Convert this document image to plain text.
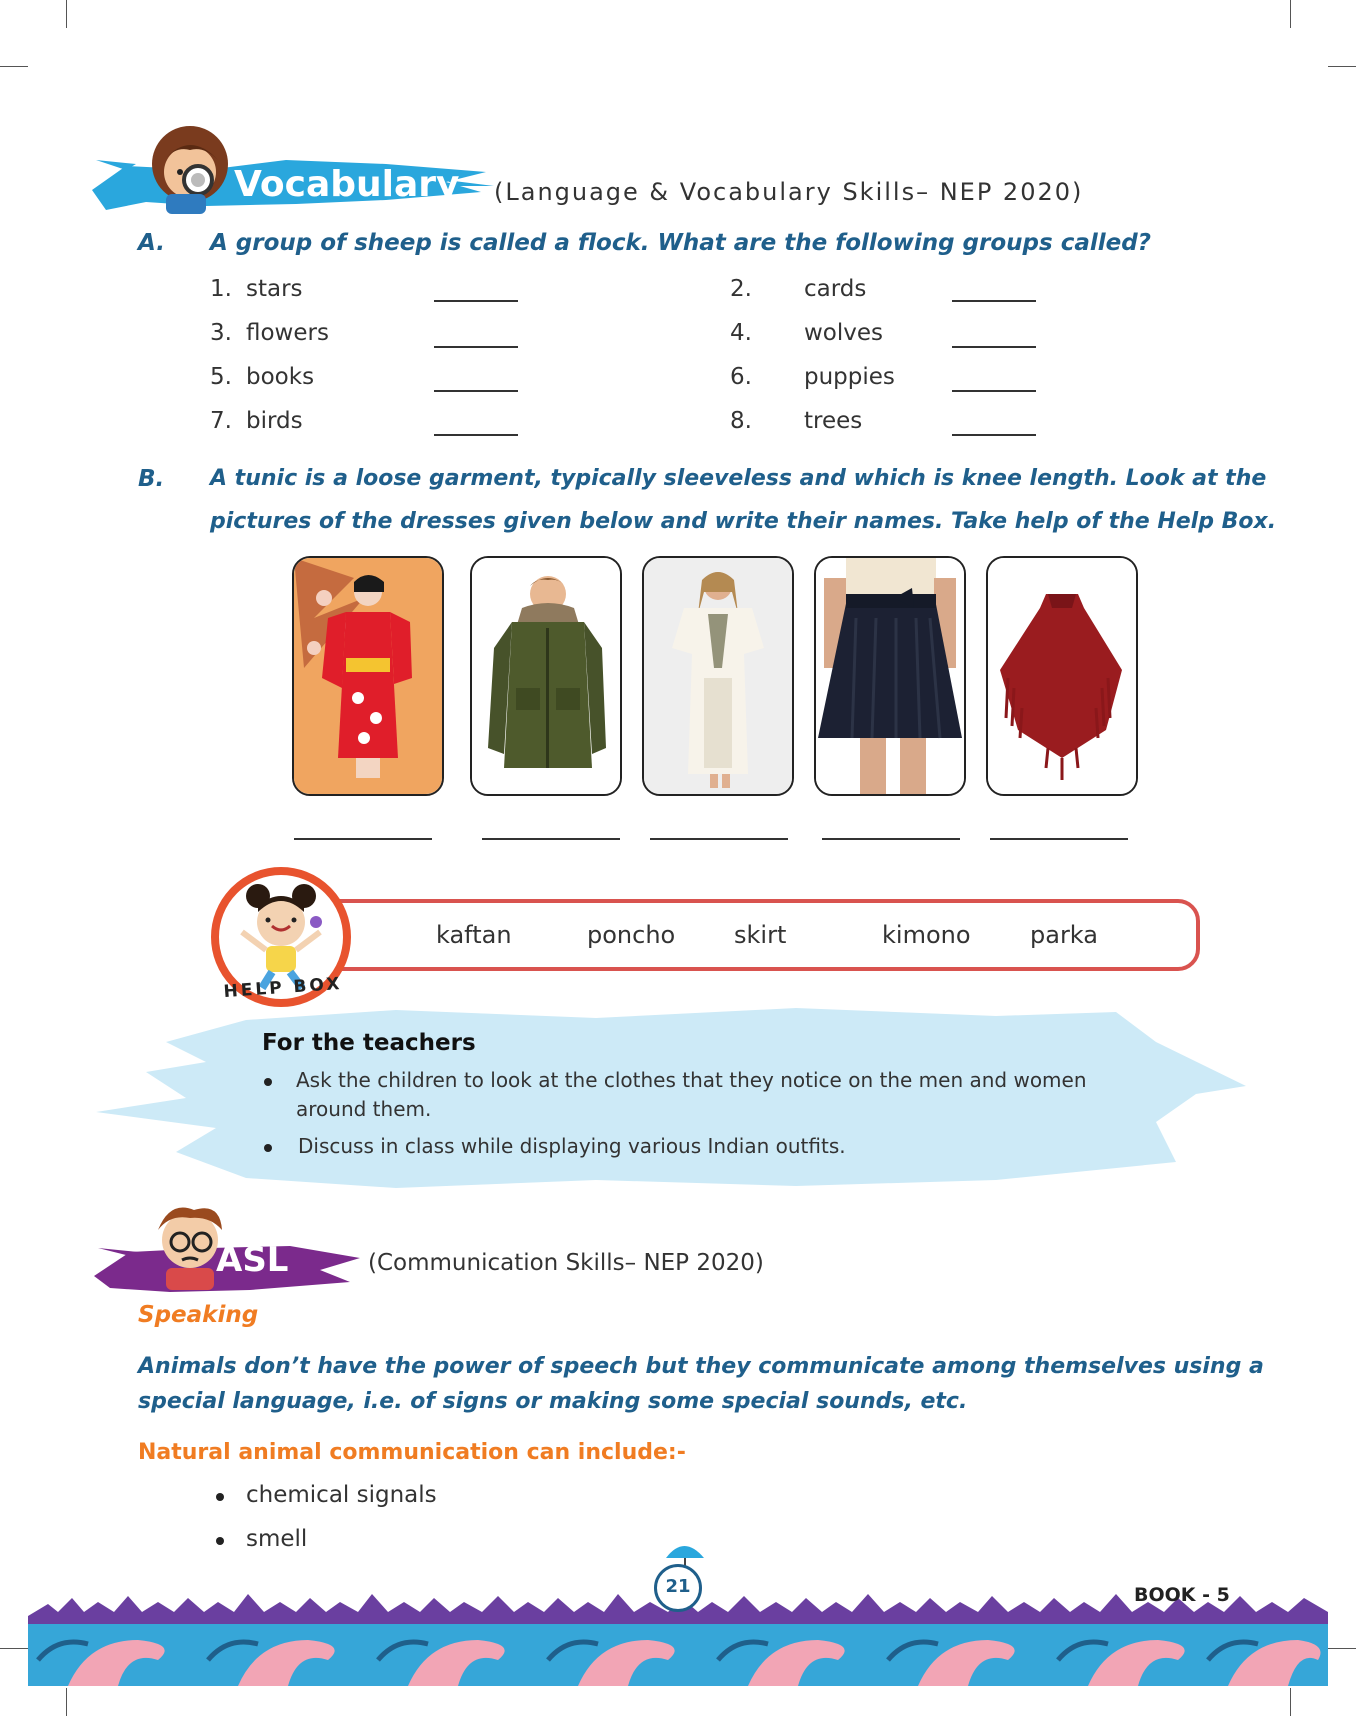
Vocabulary (Language & Vocabulary Skills– NEP 2020)
A. A group of sheep is called a flock. What are the following groups called?
1. stars
3. flowers
5. books
7. birds
2. cards
4. wolves
6. puppies
8. trees
B. A tunic is a loose garment, typically sleeveless and which is knee length. Look at the
pictures of the dresses given below and write their names. Take help of the Help Box.
HELP BOX
kaftan	poncho skirt	kimono parka
For the teachers
Ask the children to look at the clothes that they notice on the men and women
around them.
Discuss in class while displaying various Indian outfits.
ASL	(Communication Skills– NEP 2020)
Speaking
Animals don’t have the power of speech but they communicate among themselves using a
special language, i.e. of signs or making some special sounds, etc.
Natural animal communication can include:-
chemical signals
smell
21	BOOK - 5
